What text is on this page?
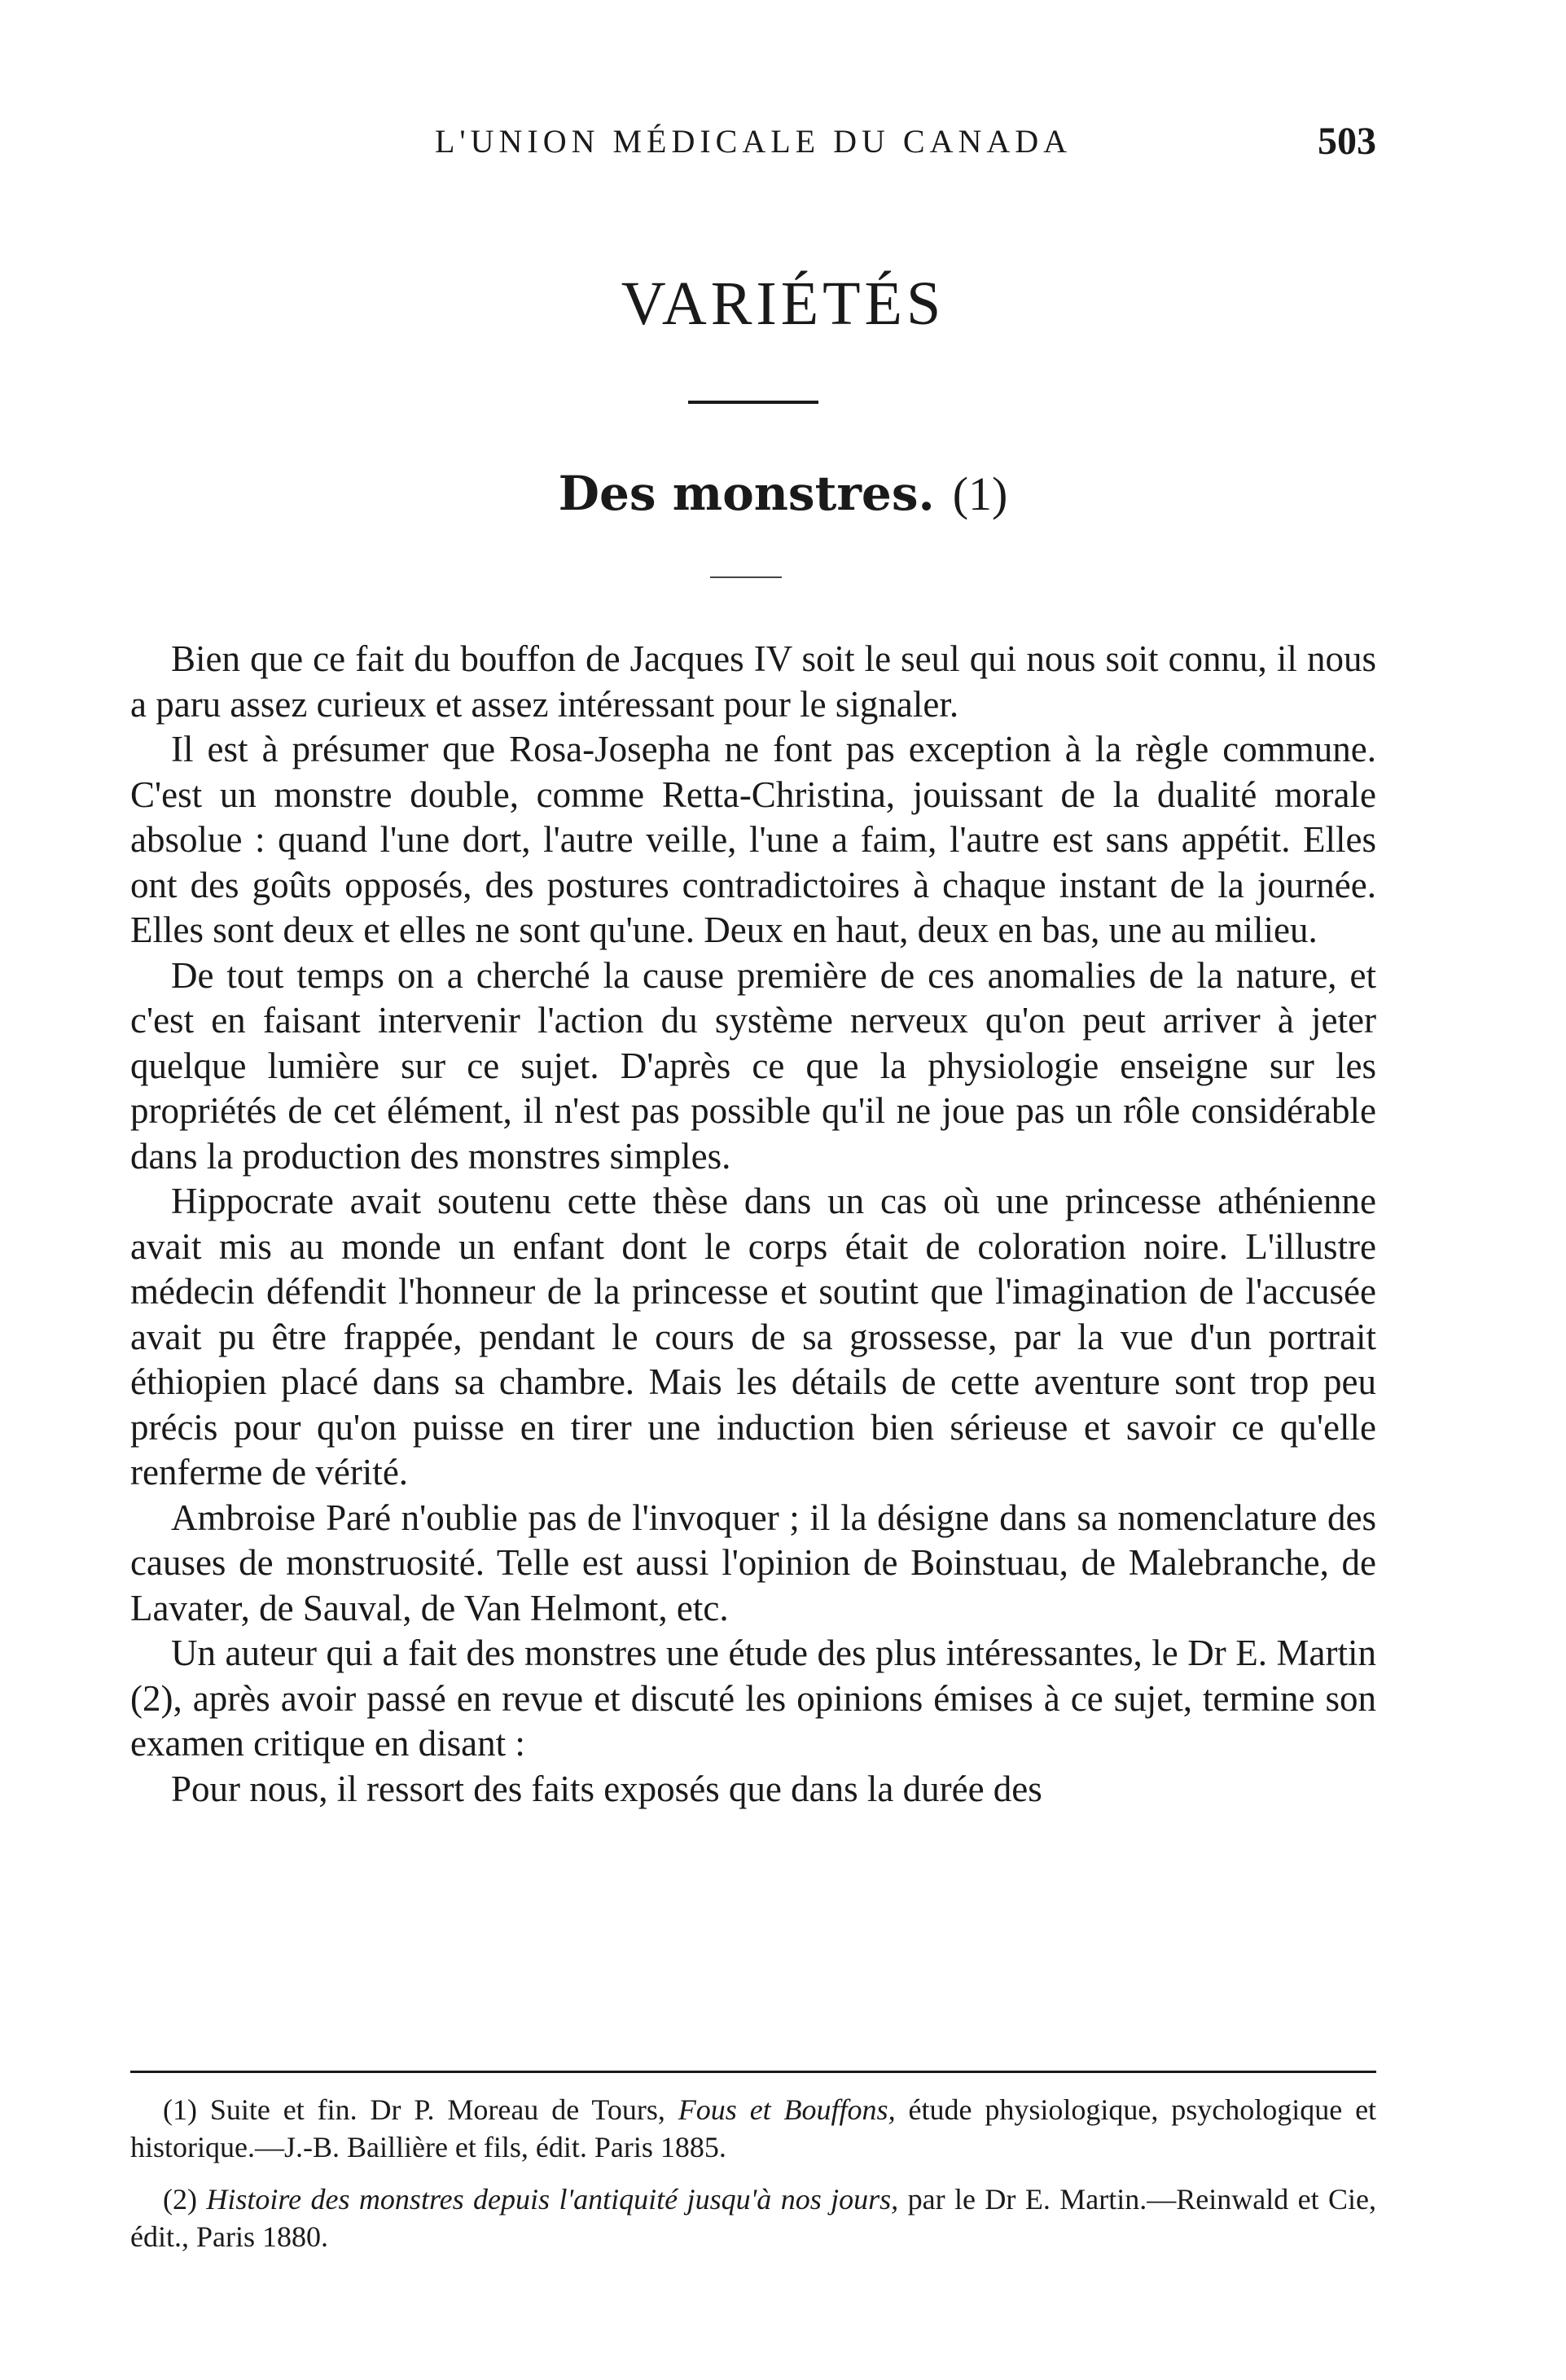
L'UNION MÉDICALE DU CANADA	503
VARIÉTÉS
Des monstres. (1)

Bien que ce fait du bouffon de Jacques IV soit le seul qui nous soit connu, il nous a paru assez curieux et assez intéressant pour le signaler.

Il est à présumer que Rosa-Josepha ne font pas exception à la règle commune. C'est un monstre double, comme Retta-Christina, jouissant de la dualité morale absolue : quand l'une dort, l'autre veille, l'une a faim, l'autre est sans appétit. Elles ont des goûts opposés, des postures contradictoires à chaque instant de la journée. Elles sont deux et elles ne sont qu'une. Deux en haut, deux en bas, une au milieu.

De tout temps on a cherché la cause première de ces anomalies de la nature, et c'est en faisant intervenir l'action du système nerveux qu'on peut arriver à jeter quelque lumière sur ce sujet. D'après ce que la physiologie enseigne sur les propriétés de cet élément, il n'est pas possible qu'il ne joue pas un rôle considérable dans la production des monstres simples.

Hippocrate avait soutenu cette thèse dans un cas où une princesse athénienne avait mis au monde un enfant dont le corps était de coloration noire. L'illustre médecin défendit l'honneur de la princesse et soutint que l'imagination de l'accusée avait pu être frappée, pendant le cours de sa grossesse, par la vue d'un portrait éthiopien placé dans sa chambre. Mais les détails de cette aventure sont trop peu précis pour qu'on puisse en tirer une induction bien sérieuse et savoir ce qu'elle renferme de vérité.

Ambroise Paré n'oublie pas de l'invoquer ; il la désigne dans sa nomenclature des causes de monstruosité. Telle est aussi l'opinion de Boinstuau, de Malebranche, de Lavater, de Sauval, de Van Helmont, etc.

Un auteur qui a fait des monstres une étude des plus intéressantes, le Dr E. Martin (2), après avoir passé en revue et discuté les opinions émises à ce sujet, termine son examen critique en disant :

Pour nous, il ressort des faits exposés que dans la durée des

(1) Suite et fin. Dr P. Moreau de Tours, Fous et Bouffons, étude physiologique, psychologique et historique.—J.-B. Baillière et fils, édit. Paris 1885.

(2) Histoire des monstres depuis l'antiquité jusqu'à nos jours, par le Dr E. Martin.—Reinwald et Cie, édit., Paris 1880.
